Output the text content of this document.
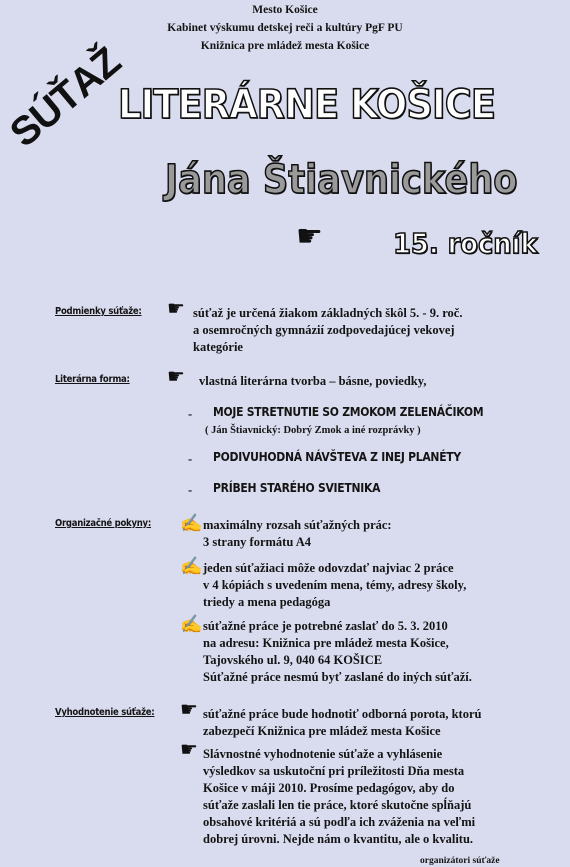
Mesto Košice
Kabinet výskumu detskej reči a kultúry PgF PU
Knižnica pre mládež mesta Košice
SÚŤAŽ
LITERÁRNE KOŠICE
Jána Štiavnického
☛	15. ročník
Podmienky súťaže: ☛ súťaž je určená žiakom základných škôl 5. - 9. roč.
a osemročných gymnázií zodpovedajúcej vekovej
kategórie
Literárna forma: ☛ vlastná literárna tvorba – básne, poviedky,
- MOJE STRETNUTIE SO ZMOKOM ZELENÁČIKOM
( Ján Štiavnický: Dobrý Zmok a iné rozprávky )
- PODIVUHODNÁ NÁVŠTEVA Z INEJ PLANÉTY
- PRÍBEH STARÉHO SVIETNIKA
Organizačné pokyny: ✍ maximálny rozsah súťažných prác:
3 strany formátu A4
✍ jeden súťažiaci môže odovzdať najviac 2 práce
v 4 kópiách s uvedením mena, témy, adresy školy,
triedy a mena pedagóga
✍ súťažné práce je potrebné zaslať do 5. 3. 2010
na adresu: Knižnica pre mládež mesta Košice,
Tajovského ul. 9, 040 64 KOŠICE
Súťažné práce nesmú byť zaslané do iných súťaží.
Vyhodnotenie súťaže: ☛ súťažné práce bude hodnotiť odborná porota, ktorú
zabezpečí Knižnica pre mládež mesta Košice
☛ Slávnostné vyhodnotenie súťaže a vyhlásenie
výsledkov sa uskutoční pri príležitosti Dňa mesta
Košice v máji 2010. Prosíme pedagógov, aby do
súťaže zaslali len tie práce, ktoré skutočne spĺňajú
obsahové kritériá a sú podľa ich zváženia na veľmi
dobrej úrovni. Nejde nám o kvantitu, ale o kvalitu.
organizátori súťaže
